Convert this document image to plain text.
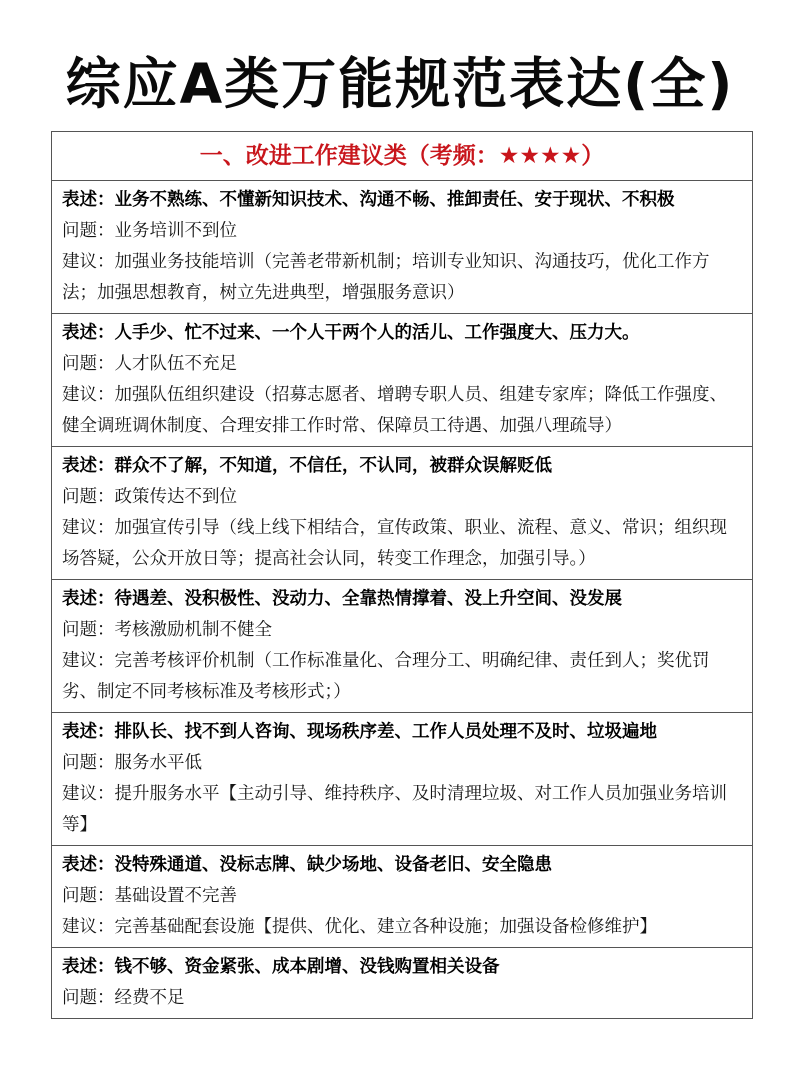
综应A类万能规范表达(全)
一、改进工作建议类（考频：★★★★）
表述：业务不熟练、不懂新知识技术、沟通不畅、推卸责任、安于现状、不积极
问题：业务培训不到位
建议：加强业务技能培训（完善老带新机制；培训专业知识、沟通技巧，优化工作方法；加强思想教育，树立先进典型，增强服务意识）
表述：人手少、忙不过来、一个人干两个人的活儿、工作强度大、压力大。
问题：人才队伍不充足
建议：加强队伍组织建设（招募志愿者、增聘专职人员、组建专家库；降低工作强度、健全调班调休制度、合理安排工作时常、保障员工待遇、加强八理疏导）
表述：群众不了解，不知道，不信任，不认同，被群众误解贬低
问题：政策传达不到位
建议：加强宣传引导（线上线下相结合，宣传政策、职业、流程、意义、常识；组织现场答疑，公众开放日等；提高社会认同，转变工作理念，加强引导。）
表述：待遇差、没积极性、没动力、全靠热情撑着、没上升空间、没发展
问题：考核激励机制不健全
建议：完善考核评价机制（工作标准量化、合理分工、明确纪律、责任到人；奖优罚劣、制定不同考核标准及考核形式；）
表述：排队长、找不到人咨询、现场秩序差、工作人员处理不及时、垃圾遍地
问题：服务水平低
建议：提升服务水平【主动引导、维持秩序、及时清理垃圾、对工作人员加强业务培训等】
表述：没特殊通道、没标志牌、缺少场地、设备老旧、安全隐患
问题：基础设置不完善
建议：完善基础配套设施【提供、优化、建立各种设施；加强设备检修维护】
表述：钱不够、资金紧张、成本剧增、没钱购置相关设备
问题：经费不足
